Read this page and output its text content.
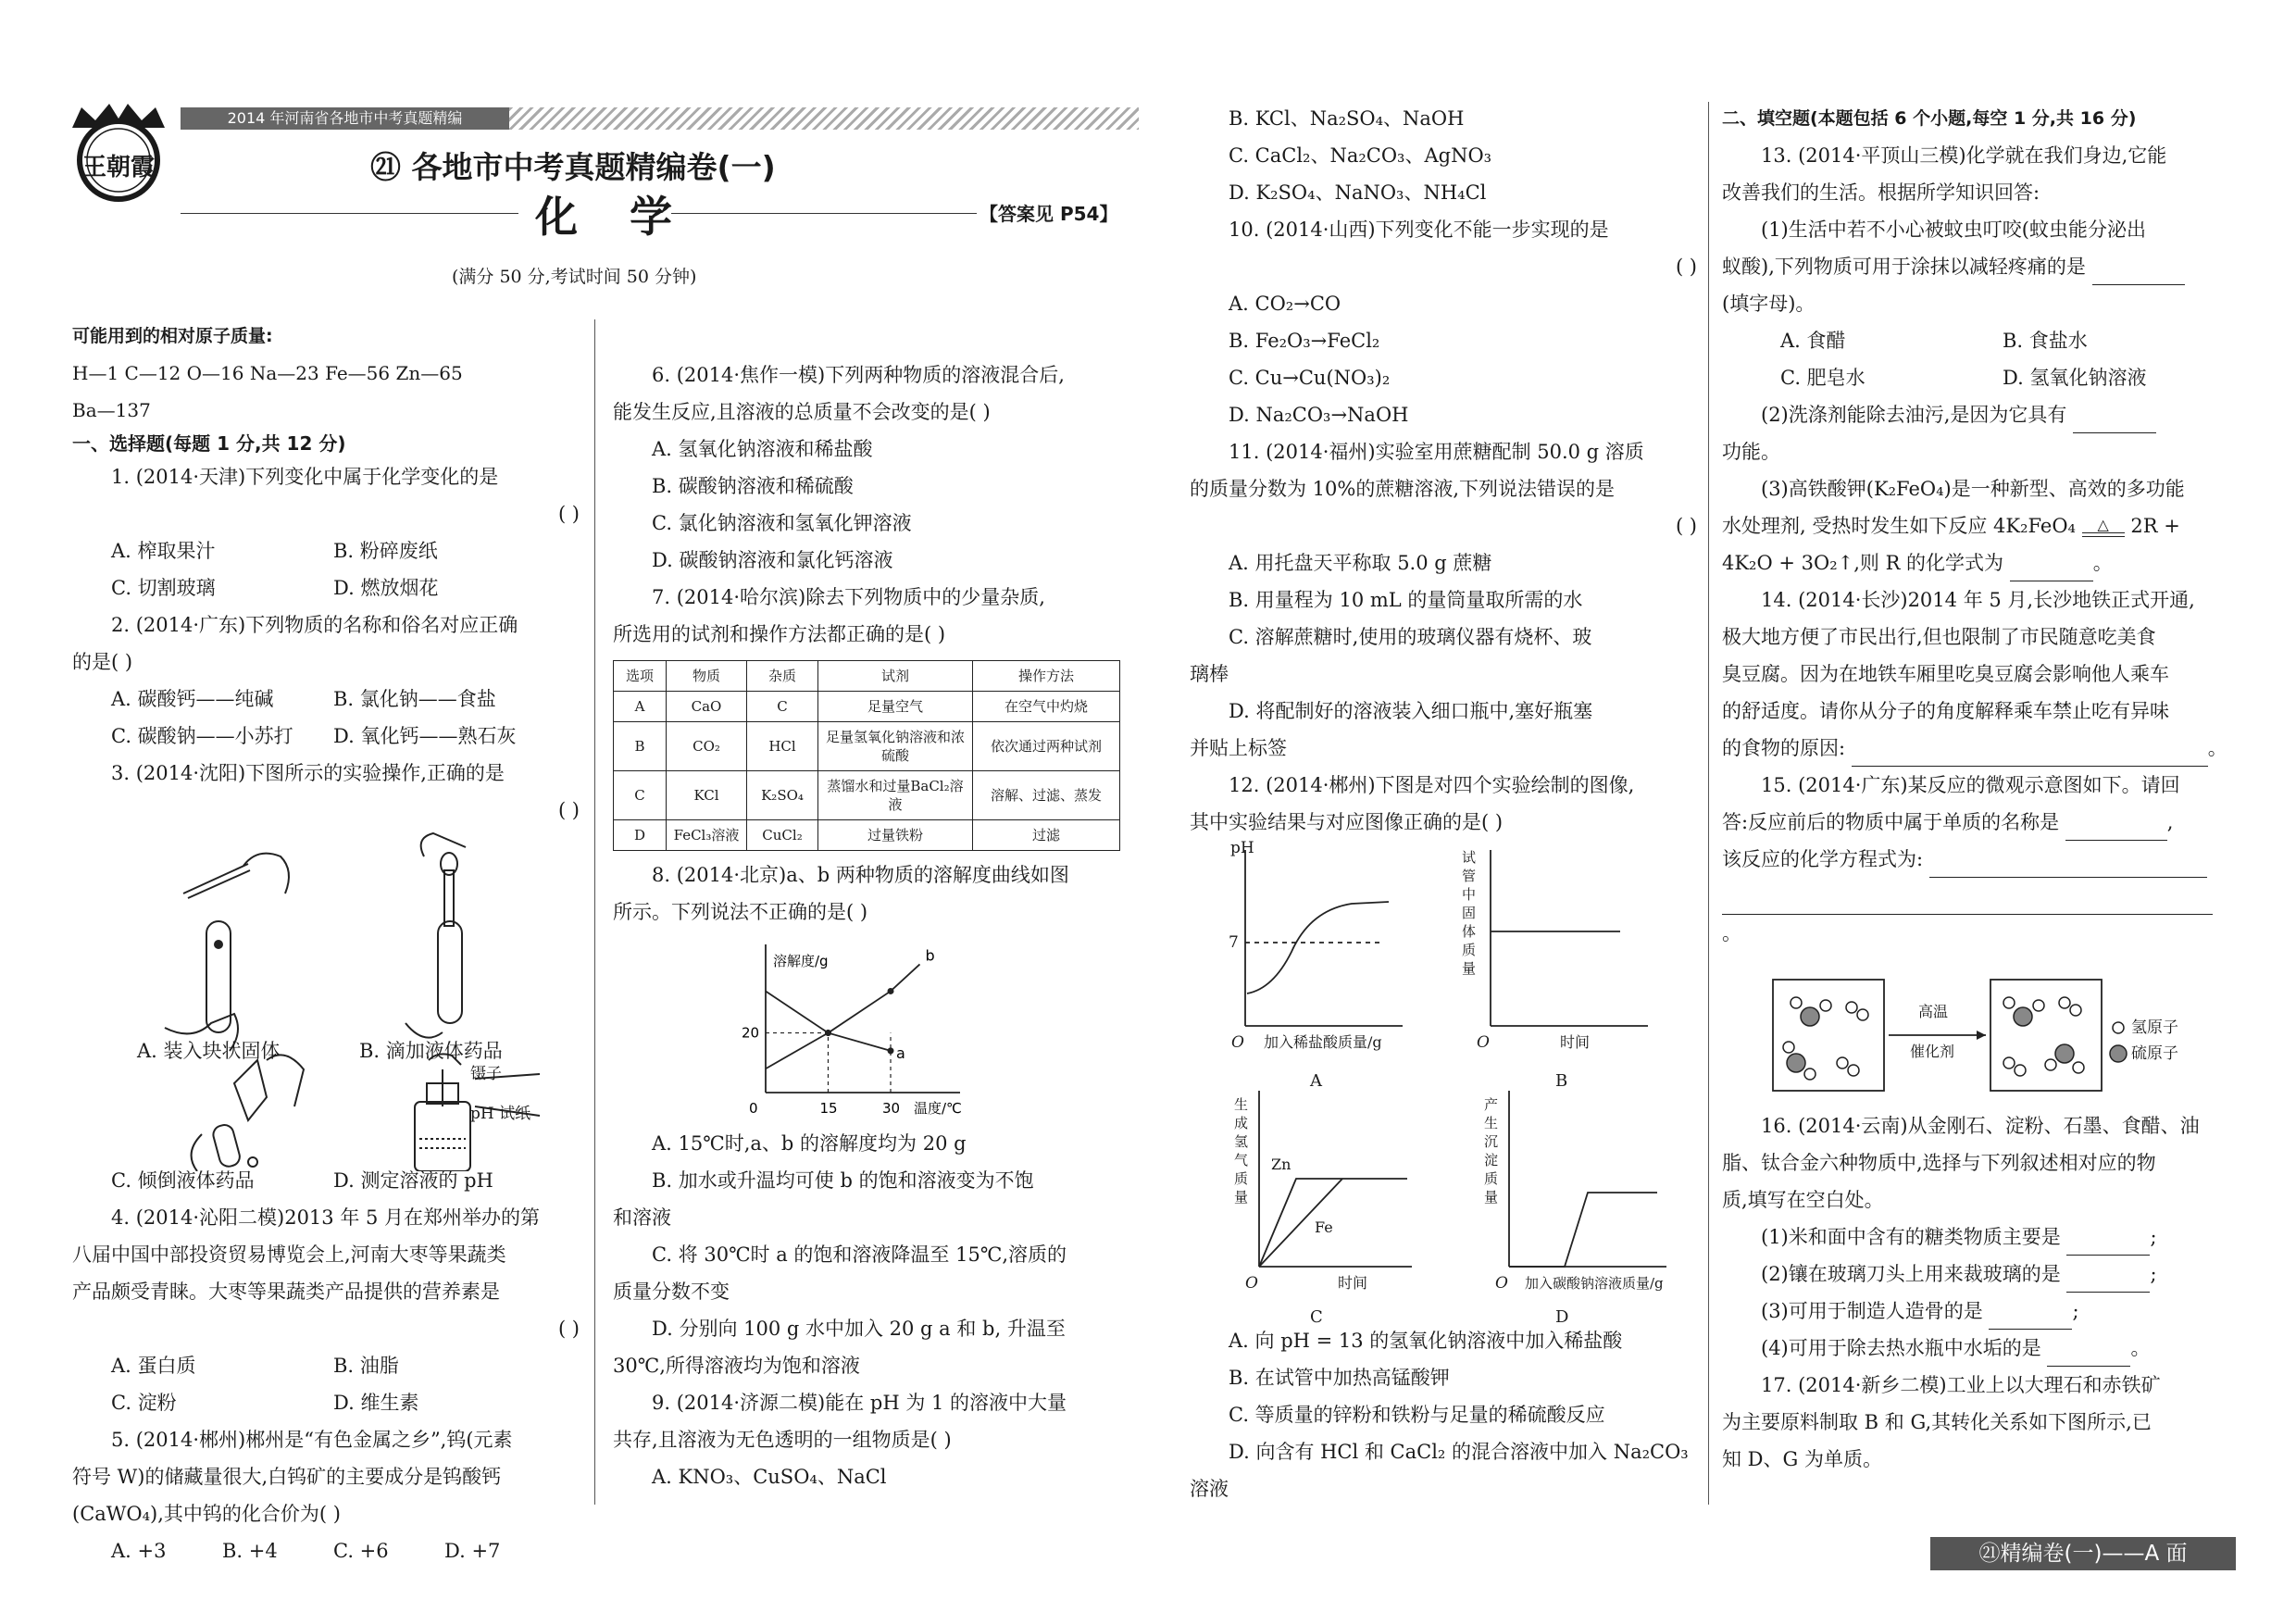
王朝霞
2014 年河南省各地市中考真题精编
㉑ 各地市中考真题精编卷(一)
化 学	【答案见 P54】
(满分 50 分,考试时间 50 分钟)

可能用到的相对原子质量:

H—1 C—12 O—16 Na—23 Fe—56 Zn—65

Ba—137

一、选择题(每题 1 分,共 12 分)

1. (2014·天津)下列变化中属于化学变化的是

( )

A. 榨取果汁	B. 粉碎废纸
C. 切割玻璃	D. 燃放烟花

2. (2014·广东)下列物质的名称和俗名对应正确

的是( )

A. 碳酸钙——纯碱	B. 氯化钠——食盐
C. 碳酸钠——小苏打	D. 氧化钙——熟石灰

3. (2014·沈阳)下图所示的实验操作,正确的是

( )

镊子
pH 试纸
A. 装入块状固体	B. 滴加液体药品
C. 倾倒液体药品	D. 测定溶液的 pH

4. (2014·沁阳二模)2013 年 5 月在郑州举办的第

八届中国中部投资贸易博览会上,河南大枣等果蔬类

产品颇受青睐。大枣等果蔬类产品提供的营养素是

( )

A. 蛋白质	B. 油脂
C. 淀粉	D. 维生素

5. (2014·郴州)郴州是“有色金属之乡”,钨(元素

符号 W)的储藏量很大,白钨矿的主要成分是钨酸钙

(CaWO₄),其中钨的化合价为( )

A. +3	B. +4	C. +6	D. +7

6. (2014·焦作一模)下列两种物质的溶液混合后,

能发生反应,且溶液的总质量不会改变的是( )

A. 氢氧化钠溶液和稀盐酸

B. 碳酸钠溶液和稀硫酸

C. 氯化钠溶液和氢氧化钾溶液

D. 碳酸钠溶液和氯化钙溶液

7. (2014·哈尔滨)除去下列物质中的少量杂质,

所选用的试剂和操作方法都正确的是( )

选项	物质	杂质	试剂	操作方法
A	CaO	C	足量空气	在空气中灼烧
B	CO₂	HCl	足量氢氧化钠溶液和浓硫酸	依次通过两种试剂
C	KCl	K₂SO₄	蒸馏水和过量BaCl₂溶液	溶解、过滤、蒸发
D	FeCl₃溶液	CuCl₂	过量铁粉	过滤

8. (2014·北京)a、b 两种物质的溶解度曲线如图

所示。下列说法不正确的是( )

溶解度/g
温度/℃
0	15	30
20
a
b

A. 15℃时,a、b 的溶解度均为 20 g

B. 加水或升温均可使 b 的饱和溶液变为不饱

和溶液

C. 将 30℃时 a 的饱和溶液降温至 15℃,溶质的

质量分数不变

D. 分别向 100 g 水中加入 20 g a 和 b, 升温至

30℃,所得溶液均为饱和溶液

9. (2014·济源二模)能在 pH 为 1 的溶液中大量

共存,且溶液为无色透明的一组物质是( )

A. KNO₃、CuSO₄、NaCl

B. KCl、Na₂SO₄、NaOH

C. CaCl₂、Na₂CO₃、AgNO₃

D. K₂SO₄、NaNO₃、NH₄Cl

10. (2014·山西)下列变化不能一步实现的是

( )

A. CO₂→CO

B. Fe₂O₃→FeCl₂

C. Cu→Cu(NO₃)₂

D. Na₂CO₃→NaOH

11. (2014·福州)实验室用蔗糖配制 50.0 g 溶质

的质量分数为 10%的蔗糖溶液,下列说法错误的是

( )

A. 用托盘天平称取 5.0 g 蔗糖

B. 用量程为 10 mL 的量筒量取所需的水

C. 溶解蔗糖时,使用的玻璃仪器有烧杯、玻

璃棒

D. 将配制好的溶液装入细口瓶中,塞好瓶塞

并贴上标签

12. (2014·郴州)下图是对四个实验绘制的图像,

其中实验结果与对应图像正确的是( )

pH
7
O 加入稀盐酸质量/g
A
试管中固体质量
O	时间
B
生成氢气质量
Zn
Fe
O	时间
C
产生沉淀质量
O 加入碳酸钠溶液质量/g
D

A. 向 pH = 13 的氢氧化钠溶液中加入稀盐酸

B. 在试管中加热高锰酸钾

C. 等质量的锌粉和铁粉与足量的稀硫酸反应

D. 向含有 HCl 和 CaCl₂ 的混合溶液中加入 Na₂CO₃

溶液

二、填空题(本题包括 6 个小题,每空 1 分,共 16 分)

13. (2014·平顶山三模)化学就在我们身边,它能

改善我们的生活。根据所学知识回答:

(1)生活中若不小心被蚊虫叮咬(蚊虫能分泌出

蚁酸),下列物质可用于涂抹以减轻疼痛的是

(填字母)。

A. 食醋	B. 食盐水
C. 肥皂水	D. 氢氧化钠溶液

(2)洗涤剂能除去油污,是因为它具有

功能。

(3)高铁酸钾(K₂FeO₄)是一种新型、高效的多功能

水处理剂, 受热时发生如下反应 4K₂FeO₄ △ 2R +

4K₂O + 3O₂↑,则 R 的化学式为	。

14. (2014·长沙)2014 年 5 月,长沙地铁正式开通,

极大地方便了市民出行,但也限制了市民随意吃美食

臭豆腐。因为在地铁车厢里吃臭豆腐会影响他人乘车

的舒适度。请你从分子的角度解释乘车禁止吃有异味

的食物的原因:	。

15. (2014·广东)某反应的微观示意图如下。请回

答:反应前后的物质中属于单质的名称是	,

该反应的化学方程式为:

。

高温
催化剂
氢原子
硫原子

16. (2014·云南)从金刚石、淀粉、石墨、食醋、油

脂、钛合金六种物质中,选择与下列叙述相对应的物

质,填写在空白处。

(1)米和面中含有的糖类物质主要是	;

(2)镶在玻璃刀头上用来裁玻璃的是	;

(3)可用于制造人造骨的是	;

(4)可用于除去热水瓶中水垢的是	。

17. (2014·新乡二模)工业上以大理石和赤铁矿

为主要原料制取 B 和 G,其转化关系如下图所示,已

知 D、G 为单质。

㉑精编卷(一)——A 面
